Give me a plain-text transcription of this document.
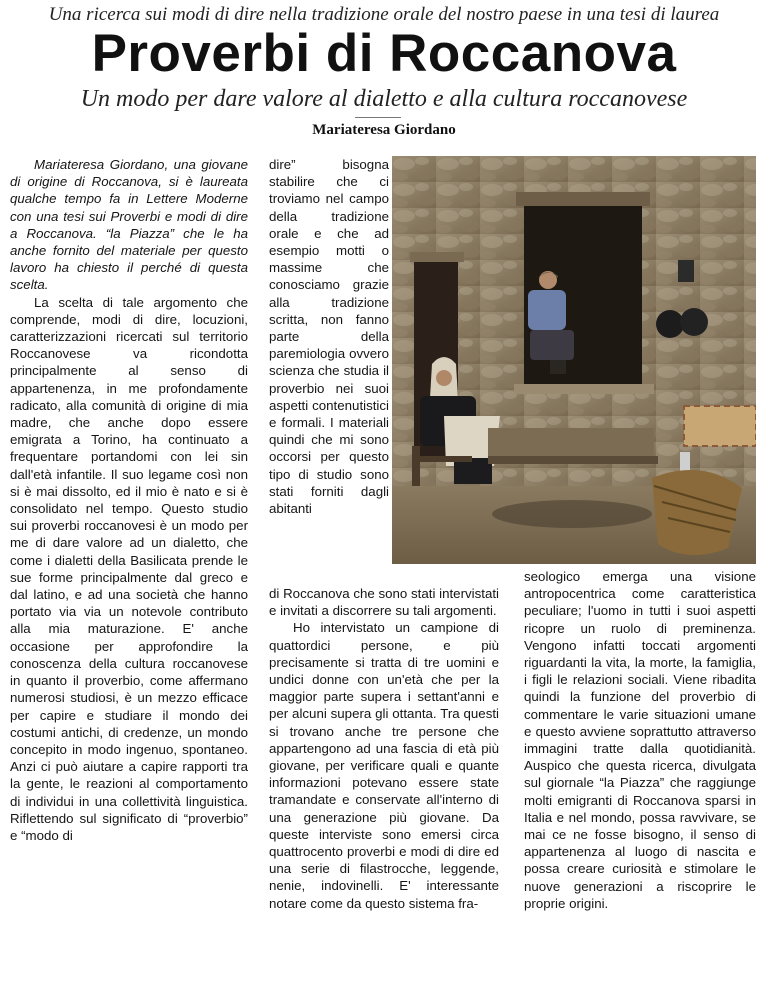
Una ricerca sui modi di dire nella tradizione orale del nostro paese in una tesi di laurea
Proverbi di Roccanova
Un modo per dare valore al dialetto e alla cultura roccanovese
Mariateresa Giordano

Mariateresa Giordano, una giovane di origine di Roccanova, si è laureata qualche tempo fa in Lettere Moderne con una tesi sui Proverbi e modi di dire a Roccanova. “la Piazza” che le ha anche fornito del materiale per questo lavoro ha chiesto il perché di questa scelta.

La scelta di tale argomento che comprende, modi di dire, locuzioni, caratterizzazioni ricercati sul territorio Roccanovese va ricondotta principalmente al senso di appartenenza, in me profondamente radicato, alla comunità di origine di mia madre, che anche dopo essere emigrata a Torino, ha continuato a frequentare portandomi con lei sin dall'età infantile. Il suo legame così non si è mai dissolto, ed il mio è nato e si è consolidato nel tempo. Questo studio sui proverbi roccanovesi è un modo per me di dare valore ad un dialetto, che come i dialetti della Basilicata prende le sue forme principalmente dal greco e dal latino, e ad una società che hanno portato via via un notevole contributo alla mia maturazione. E' anche occasione per approfondire la conoscenza della cultura roccanovese in quanto il proverbio, come affermano numerosi studiosi, è un mezzo efficace per capire e studiare il mondo dei costumi antichi, di credenze, un mondo concepito in modo ingenuo, spontaneo. Anzi ci può aiutare a capire rapporti tra la gente, le reazioni al comportamento di individui in una collettività linguistica. Riflettendo sul significato di “proverbio” e “modo di

dire” bisogna stabilire che ci troviamo nel campo della tradizione orale e che ad esempio motti o massime che conosciamo grazie alla tradizione scritta, non fanno parte della paremiologia ovvero scienza che studia il proverbio nei suoi aspetti contenutistici e formali. I materiali quindi che mi sono occorsi per questo tipo di studio sono stati forniti dagli abitanti

di Roccanova che sono stati intervistati e invitati a discorrere su tali argomenti.

Ho intervistato un campione di quattordici persone, e più precisamente si tratta di tre uomini e undici donne con un'età che per la maggior parte supera i settant'anni e per alcuni supera gli ottanta. Tra questi si trovano anche tre persone che appartengono ad una fascia di età più giovane, per verificare quali e quante informazioni potevano essere state tramandate e conservate all'interno di una generazione più giovane. Da queste interviste sono emersi circa quattrocento proverbi e modi di dire ed una serie di filastrocche, leggende, nenie, indovinelli. E' interessante notare come da questo sistema fra-

seologico emerga una visione antropocentrica come caratteristica peculiare; l'uomo in tutti i suoi aspetti ricopre un ruolo di preminenza. Vengono infatti toccati argomenti riguardanti la vita, la morte, la famiglia, i figli le relazioni sociali. Viene ribadita quindi la funzione del proverbio di commentare le varie situazioni umane e questo avviene soprattutto attraverso immagini tratte dalla quotidianità. Auspico che questa ricerca, divulgata sul giornale “la Piazza” che raggiunge molti emigranti di Roccanova sparsi in Italia e nel mondo, possa ravvivare, se mai ce ne fosse bisogno, il senso di appartenenza al luogo di nascita e possa creare curiosità e stimolare le nuove generazioni a riscoprire le proprie origini.
